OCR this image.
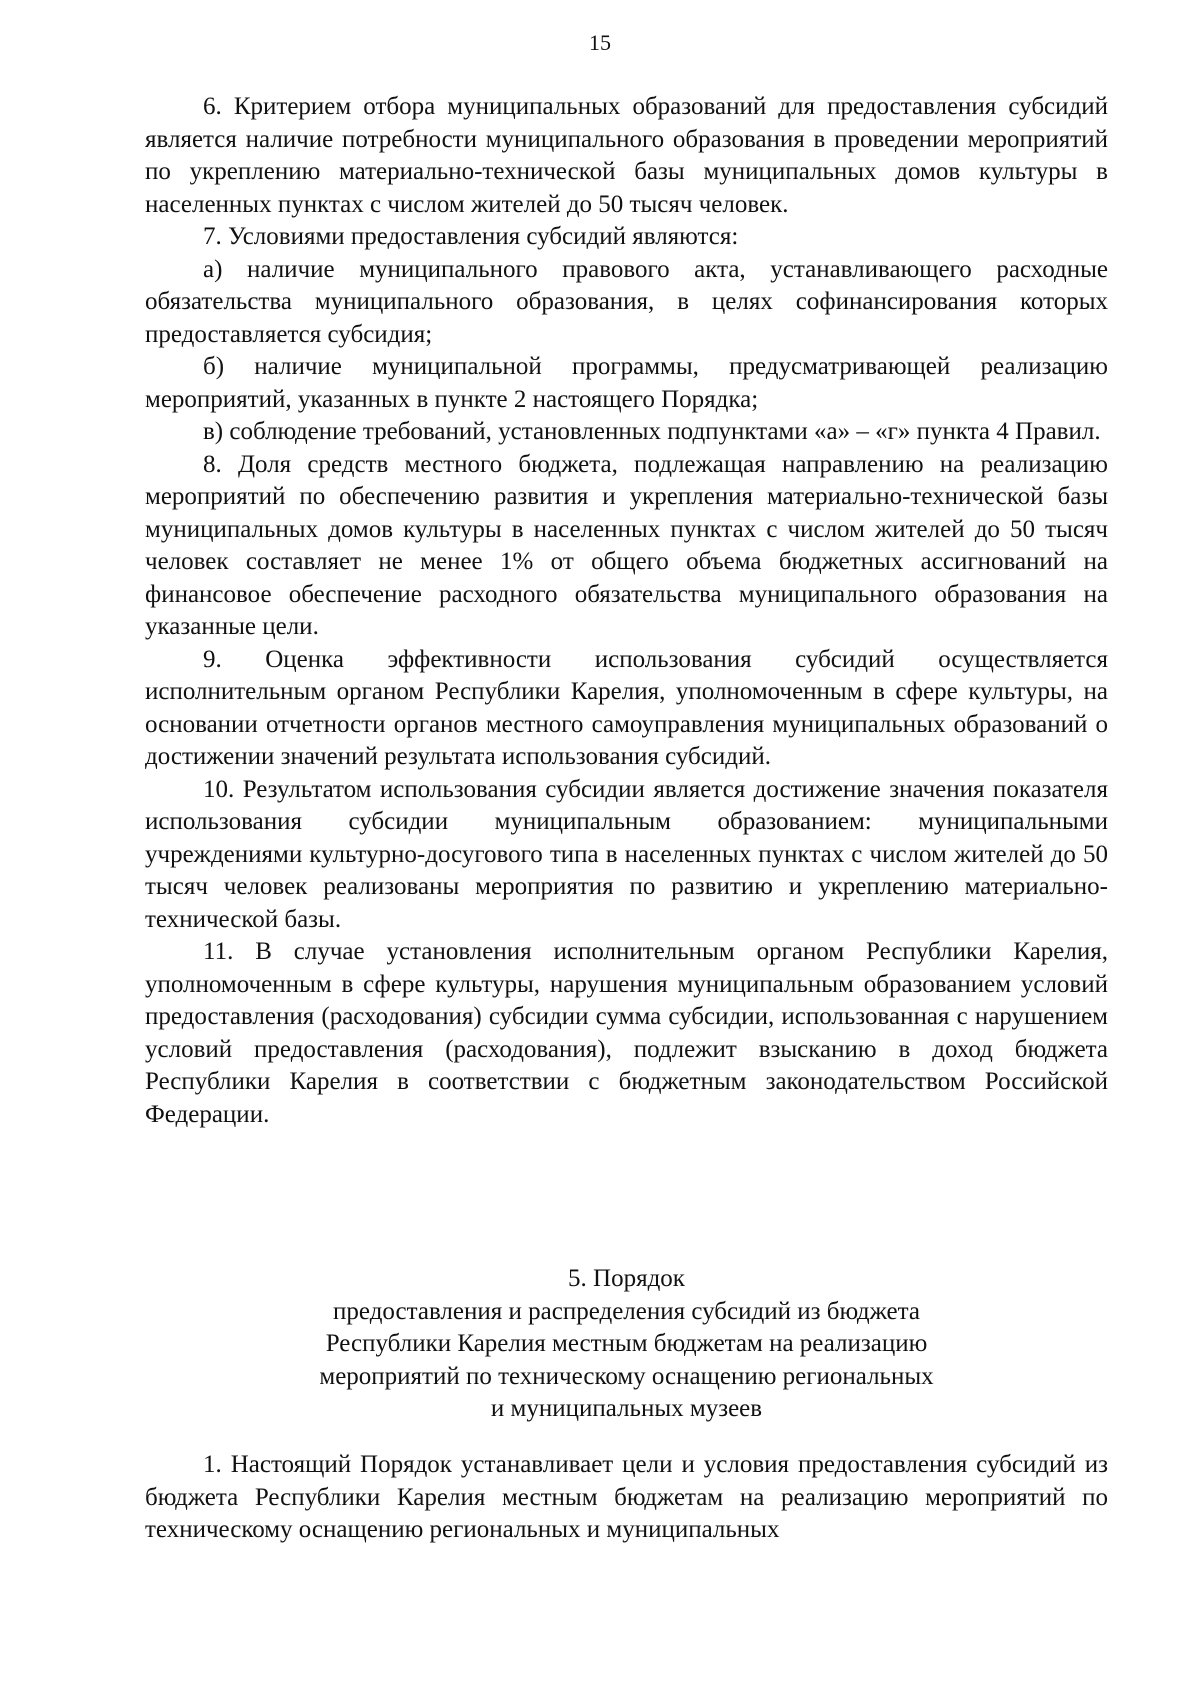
15

6. Критерием отбора муниципальных образований для предоставления субсидий является наличие потребности муниципального образования в проведении мероприятий по укреплению материально-технической базы муниципальных домов культуры в населенных пунктах с числом жителей до 50 тысяч человек.

7. Условиями предоставления субсидий являются:

а) наличие муниципального правового акта, устанавливающего расходные обязательства муниципального образования, в целях софинансирования которых предоставляется субсидия;

б) наличие муниципальной программы, предусматривающей реализацию мероприятий, указанных в пункте 2 настоящего Порядка;

в) соблюдение требований, установленных подпунктами «а» – «г» пункта 4 Правил.

8. Доля средств местного бюджета, подлежащая направлению на реализацию мероприятий по обеспечению развития и укрепления материально-технической базы муниципальных домов культуры в населенных пунктах с числом жителей до 50 тысяч человек составляет не менее 1% от общего объема бюджетных ассигнований на финансовое обеспечение расходного обязательства муниципального образования на указанные цели.

9. Оценка эффективности использования субсидий осуществляется исполнительным органом Республики Карелия, уполномоченным в сфере культуры, на основании отчетности органов местного самоуправления муниципальных образований о достижении значений результата использования субсидий.

10. Результатом использования субсидии является достижение значения показателя использования субсидии муниципальным образованием: муниципальными учреждениями культурно-досугового типа в населенных пунктах с числом жителей до 50 тысяч человек реализованы мероприятия по развитию и укреплению материально-технической базы.

11. В случае установления исполнительным органом Республики Карелия, уполномоченным в сфере культуры, нарушения муниципальным образованием условий предоставления (расходования) субсидии сумма субсидии, использованная с нарушением условий предоставления (расходования), подлежит взысканию в доход бюджета Республики Карелия в соответствии с бюджетным законодательством Российской Федерации.

5. Порядок
предоставления и распределения субсидий из бюджета
Республики Карелия местным бюджетам на реализацию
мероприятий по техническому оснащению региональных
и муниципальных музеев

1. Настоящий Порядок устанавливает цели и условия предоставления субсидий из бюджета Республики Карелия местным бюджетам на реализацию мероприятий по техническому оснащению региональных и муниципальных
